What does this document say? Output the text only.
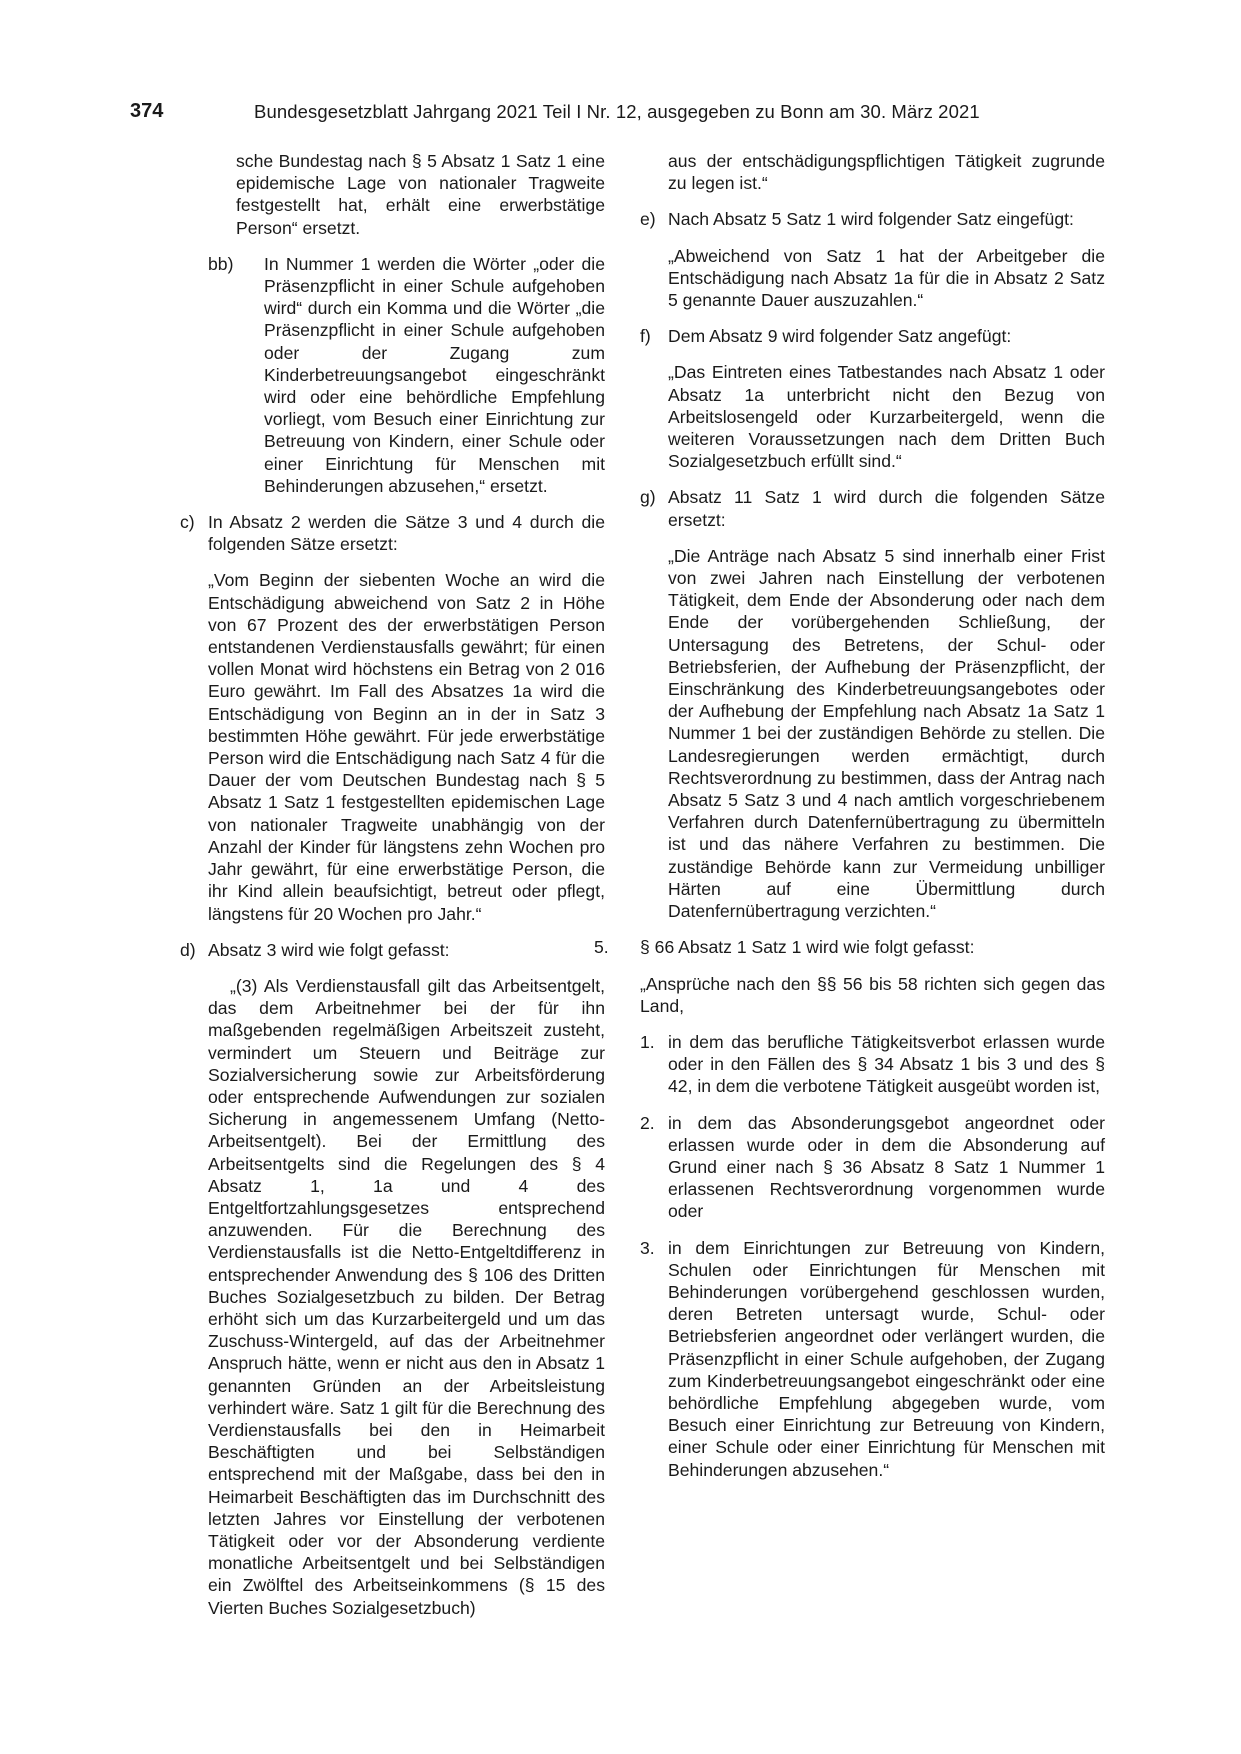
374	Bundesgesetzblatt Jahrgang 2021 Teil I Nr. 12, ausgegeben zu Bonn am 30. März 2021
sche Bundestag nach § 5 Absatz 1 Satz 1 eine epidemische Lage von nationaler Tragweite festgestellt hat, erhält eine erwerbstätige Person“ ersetzt.
bb) In Nummer 1 werden die Wörter „oder die Präsenzpflicht in einer Schule aufgehoben wird“ durch ein Komma und die Wörter „die Präsenzpflicht in einer Schule aufgehoben oder der Zugang zum Kinderbetreuungsangebot eingeschränkt wird oder eine behördliche Empfehlung vorliegt, vom Besuch einer Einrichtung zur Betreuung von Kindern, einer Schule oder einer Einrichtung für Menschen mit Behinderungen abzusehen,“ ersetzt.
c) In Absatz 2 werden die Sätze 3 und 4 durch die folgenden Sätze ersetzt:
„Vom Beginn der siebenten Woche an wird die Entschädigung abweichend von Satz 2 in Höhe von 67 Prozent des der erwerbstätigen Person entstandenen Verdienstausfalls gewährt; für einen vollen Monat wird höchstens ein Betrag von 2 016 Euro gewährt. Im Fall des Absatzes 1a wird die Entschädigung von Beginn an in der in Satz 3 bestimmten Höhe gewährt. Für jede erwerbstätige Person wird die Entschädigung nach Satz 4 für die Dauer der vom Deutschen Bundestag nach § 5 Absatz 1 Satz 1 festgestellten epidemischen Lage von nationaler Tragweite unabhängig von der Anzahl der Kinder für längstens zehn Wochen pro Jahr gewährt, für eine erwerbstätige Person, die ihr Kind allein beaufsichtigt, betreut oder pflegt, längstens für 20 Wochen pro Jahr.“
d) Absatz 3 wird wie folgt gefasst:
„(3) Als Verdienstausfall gilt das Arbeitsentgelt, das dem Arbeitnehmer bei der für ihn maßgebenden regelmäßigen Arbeitszeit zusteht, vermindert um Steuern und Beiträge zur Sozialversicherung sowie zur Arbeitsförderung oder entsprechende Aufwendungen zur sozialen Sicherung in angemessenem Umfang (Netto-Arbeitsentgelt). Bei der Ermittlung des Arbeitsentgelts sind die Regelungen des § 4 Absatz 1, 1a und 4 des Entgeltfortzahlungsgesetzes entsprechend anzuwenden. Für die Berechnung des Verdienstausfalls ist die Netto-Entgeltdifferenz in entsprechender Anwendung des § 106 des Dritten Buches Sozialgesetzbuch zu bilden. Der Betrag erhöht sich um das Kurzarbeitergeld und um das Zuschuss-Wintergeld, auf das der Arbeitnehmer Anspruch hätte, wenn er nicht aus den in Absatz 1 genannten Gründen an der Arbeitsleistung verhindert wäre. Satz 1 gilt für die Berechnung des Verdienstausfalls bei den in Heimarbeit Beschäftigten und bei Selbständigen entsprechend mit der Maßgabe, dass bei den in Heimarbeit Beschäftigten das im Durchschnitt des letzten Jahres vor Einstellung der verbotenen Tätigkeit oder vor der Absonderung verdiente monatliche Arbeitsentgelt und bei Selbständigen ein Zwölftel des Arbeitseinkommens (§ 15 des Vierten Buches Sozialgesetzbuch)
aus der entschädigungspflichtigen Tätigkeit zugrunde zu legen ist.“
e) Nach Absatz 5 Satz 1 wird folgender Satz eingefügt:
„Abweichend von Satz 1 hat der Arbeitgeber die Entschädigung nach Absatz 1a für die in Absatz 2 Satz 5 genannte Dauer auszuzahlen.“
f) Dem Absatz 9 wird folgender Satz angefügt:
„Das Eintreten eines Tatbestandes nach Absatz 1 oder Absatz 1a unterbricht nicht den Bezug von Arbeitslosengeld oder Kurzarbeitergeld, wenn die weiteren Voraussetzungen nach dem Dritten Buch Sozialgesetzbuch erfüllt sind.“
g) Absatz 11 Satz 1 wird durch die folgenden Sätze ersetzt:
„Die Anträge nach Absatz 5 sind innerhalb einer Frist von zwei Jahren nach Einstellung der verbotenen Tätigkeit, dem Ende der Absonderung oder nach dem Ende der vorübergehenden Schließung, der Untersagung des Betretens, der Schul- oder Betriebsferien, der Aufhebung der Präsenzpflicht, der Einschränkung des Kinderbetreuungsangebotes oder der Aufhebung der Empfehlung nach Absatz 1a Satz 1 Nummer 1 bei der zuständigen Behörde zu stellen. Die Landesregierungen werden ermächtigt, durch Rechtsverordnung zu bestimmen, dass der Antrag nach Absatz 5 Satz 3 und 4 nach amtlich vorgeschriebenem Verfahren durch Datenfernübertragung zu übermitteln ist und das nähere Verfahren zu bestimmen. Die zuständige Behörde kann zur Vermeidung unbilliger Härten auf eine Übermittlung durch Datenfernübertragung verzichten.“
5. § 66 Absatz 1 Satz 1 wird wie folgt gefasst:
„Ansprüche nach den §§ 56 bis 58 richten sich gegen das Land,
1. in dem das berufliche Tätigkeitsverbot erlassen wurde oder in den Fällen des § 34 Absatz 1 bis 3 und des § 42, in dem die verbotene Tätigkeit ausgeübt worden ist,
2. in dem das Absonderungsgebot angeordnet oder erlassen wurde oder in dem die Absonderung auf Grund einer nach § 36 Absatz 8 Satz 1 Nummer 1 erlassenen Rechtsverordnung vorgenommen wurde oder
3. in dem Einrichtungen zur Betreuung von Kindern, Schulen oder Einrichtungen für Menschen mit Behinderungen vorübergehend geschlossen wurden, deren Betreten untersagt wurde, Schul- oder Betriebsferien angeordnet oder verlängert wurden, die Präsenzpflicht in einer Schule aufgehoben, der Zugang zum Kinderbetreuungsangebot eingeschränkt oder eine behördliche Empfehlung abgegeben wurde, vom Besuch einer Einrichtung zur Betreuung von Kindern, einer Schule oder einer Einrichtung für Menschen mit Behinderungen abzusehen.“
